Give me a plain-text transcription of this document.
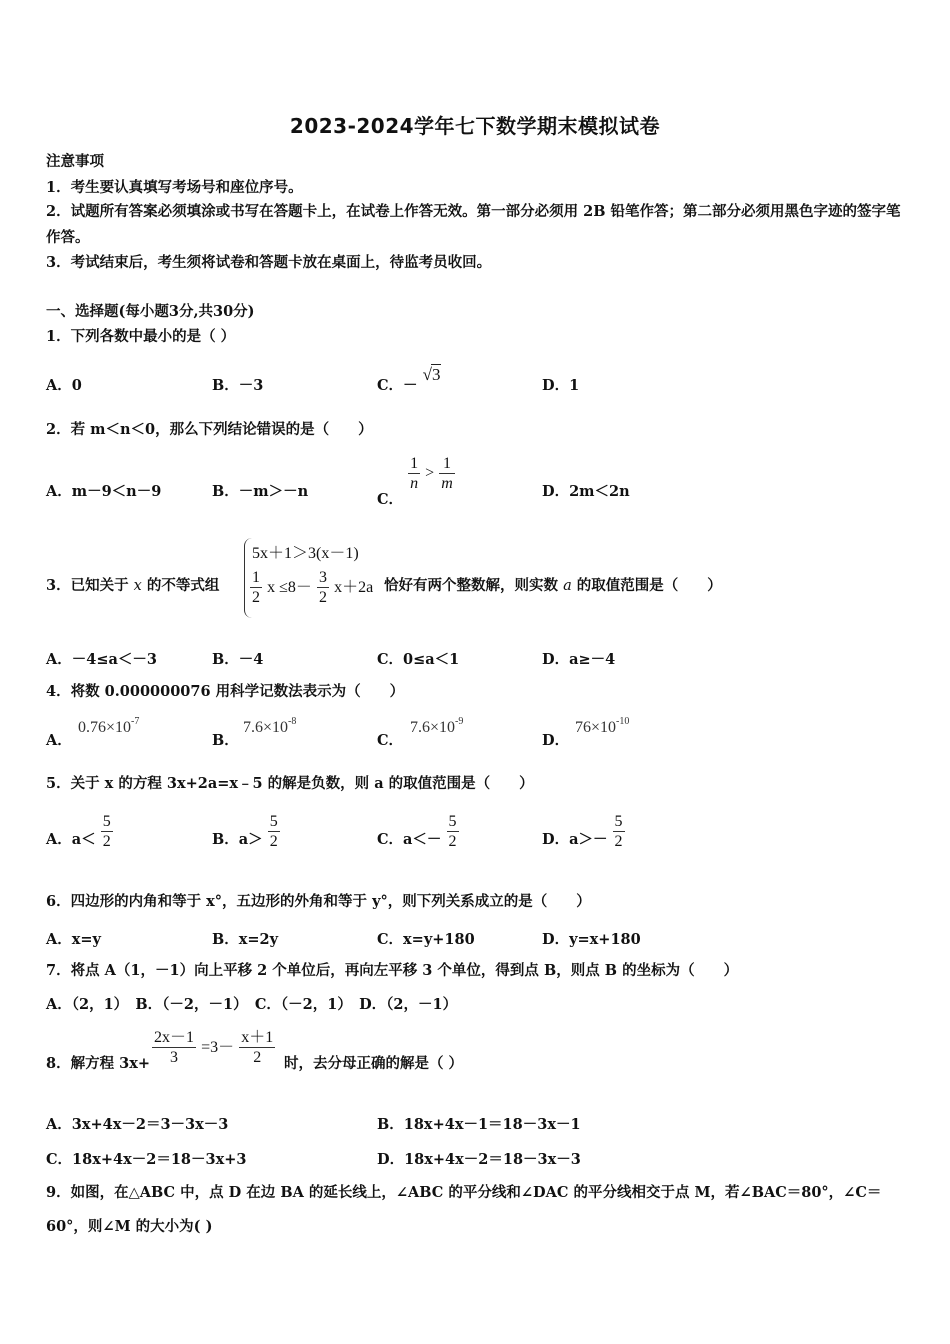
2023-2024学年七下数学期末模拟试卷
注意事项
1．考生要认真填写考场号和座位序号。
2．试题所有答案必须填涂或书写在答题卡上，在试卷上作答无效。第一部分必须用 2B 铅笔作答；第二部分必须用黑色字迹的签字笔作答。
3．考试结束后，考生须将试卷和答题卡放在桌面上，待监考员收回。
一、选择题(每小题3分,共30分)
1．下列各数中最小的是（ ）
A．0	B．－3	C．－ √3
D．1
2．若 m＜n＜0，那么下列结论错误的是（　　）
A．m－9＜n－9	B．－m＞－n	C．
$\frac{1}{n} > \frac{1}{m}$	D．2m＜2n
3．已知关于 x 的不等式组
5x＋1＞3(x－1)
$\frac{1}{2}$ $x \le 8- \frac{3}{2} x+2a$ 恰好有两个整数解，则实数 a 的取值范围是（　　）
A．－4≤a＜－3	B．－4	C．0≤a＜1	D．a≥－4
4．将数 0.000000076 用科学记数法表示为（　　）
A．
$0.76\times 10^{-7}$
B．
$7.6\times 10^{-8}$
C．
$7.6\times 10^{-9}$
D．
$76\times 10^{-10}$
5．关于 x 的方程 3x+2a=x﹣5 的解是负数，则 a 的取值范围是（　　）
A．$a< \frac{5}{2}$	B．$a> \frac{5}{2}$	C．$a<- \frac{5}{2}$	D．$a>- \frac{5}{2}$
6．四边形的内角和等于 x°，五边形的外角和等于 y°，则下列关系成立的是（　　）
A．x=y	B．x=2y	C．x=y+180	D．y=x+180
7．将点 A（1，－1）向上平移 2 个单位后，再向左平移 3 个单位，得到点 B，则点 B 的坐标为（　　）
A．（2，1）　B．（－2，－1）　C．（－2，1）　D．（2，－1）
8．解方程 $3x+ \frac{2x-1}{3} =3- \frac{x+1}{2}$ 时，去分母正确的解是（ ）
A．3x+4x－2＝3－3x－3	B．18x+4x－1＝18－3x－1
C．18x+4x－2＝18－3x+3	D．18x+4x－2＝18－3x－3
9．如图，在△ABC 中，点 D 在边 BA 的延长线上，∠ABC 的平分线和∠DAC 的平分线相交于点 M，若∠BAC＝80°，∠C＝60°，则∠M 的大小为( )
